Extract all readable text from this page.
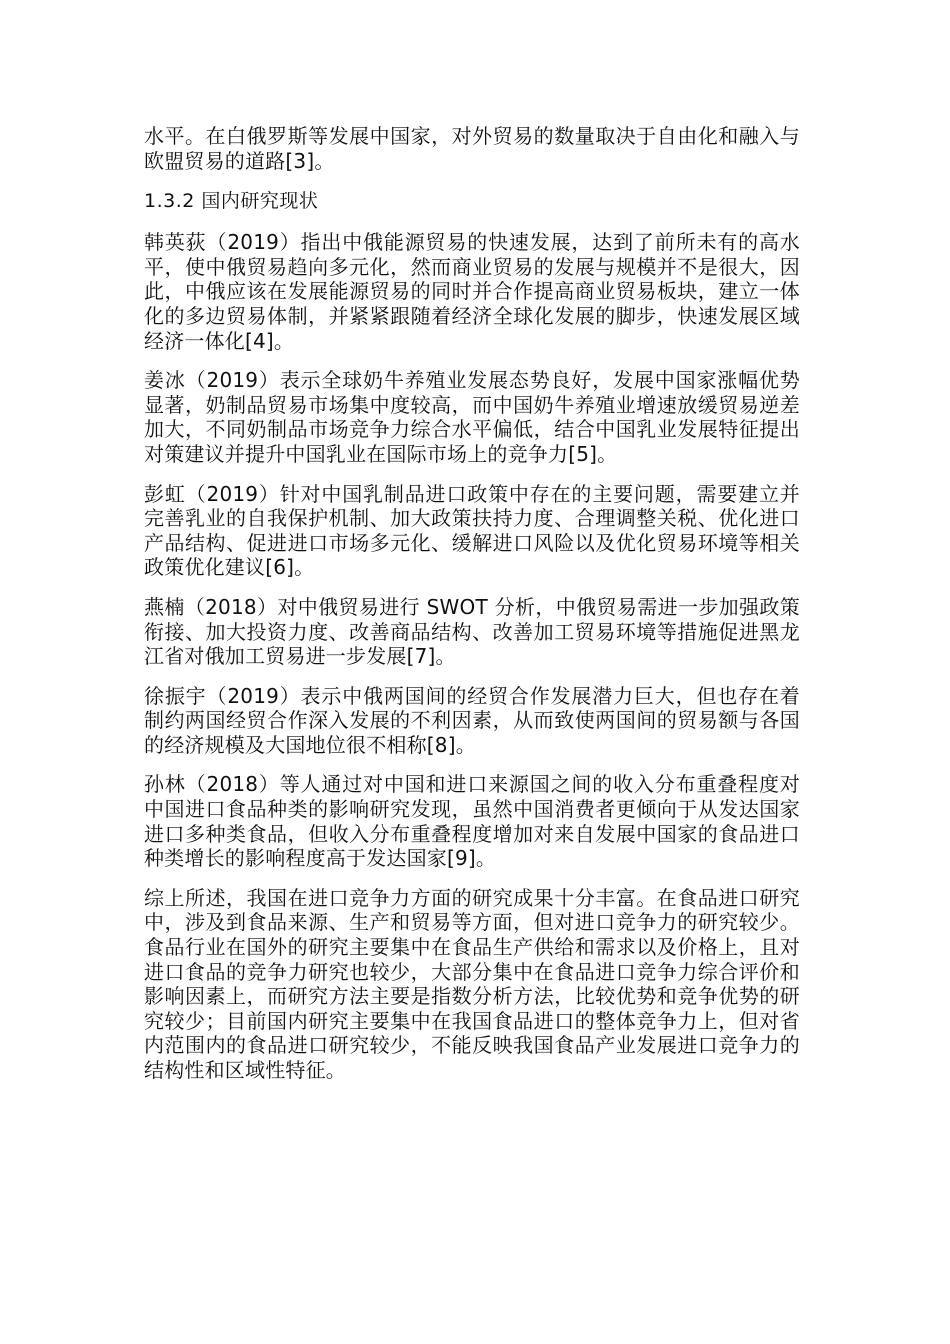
水平。在白俄罗斯等发展中国家，对外贸易的数量取决于自由化和融入与欧盟贸易的道路[3]。

1.3.2 国内研究现状

韩英荻（2019）指出中俄能源贸易的快速发展，达到了前所未有的高水平，使中俄贸易趋向多元化，然而商业贸易的发展与规模并不是很大，因此，中俄应该在发展能源贸易的同时并合作提高商业贸易板块，建立一体化的多边贸易体制，并紧紧跟随着经济全球化发展的脚步，快速发展区域经济一体化[4]。

姜冰（2019）表示全球奶牛养殖业发展态势良好，发展中国家涨幅优势显著，奶制品贸易市场集中度较高，而中国奶牛养殖业增速放缓贸易逆差加大，不同奶制品市场竞争力综合水平偏低，结合中国乳业发展特征提出对策建议并提升中国乳业在国际市场上的竞争力[5]。

彭虹（2019）针对中国乳制品进口政策中存在的主要问题，需要建立并完善乳业的自我保护机制、加大政策扶持力度、合理调整关税、优化进口产品结构、促进进口市场多元化、缓解进口风险以及优化贸易环境等相关政策优化建议[6]。

燕楠（2018）对中俄贸易进行 SWOT 分析，中俄贸易需进一步加强政策衔接、加大投资力度、改善商品结构、改善加工贸易环境等措施促进黑龙江省对俄加工贸易进一步发展[7]。

徐振宇（2019）表示中俄两国间的经贸合作发展潜力巨大，但也存在着制约两国经贸合作深入发展的不利因素，从而致使两国间的贸易额与各国的经济规模及大国地位很不相称[8]。

孙林（2018）等人通过对中国和进口来源国之间的收入分布重叠程度对中国进口食品种类的影响研究发现，虽然中国消费者更倾向于从发达国家进口多种类食品，但收入分布重叠程度增加对来自发展中国家的食品进口种类增长的影响程度高于发达国家[9]。

综上所述，我国在进口竞争力方面的研究成果十分丰富。在食品进口研究中，涉及到食品来源、生产和贸易等方面，但对进口竞争力的研究较少。食品行业在国外的研究主要集中在食品生产供给和需求以及价格上，且对进口食品的竞争力研究也较少，大部分集中在食品进口竞争力综合评价和影响因素上，而研究方法主要是指数分析方法，比较优势和竞争优势的研究较少；目前国内研究主要集中在我国食品进口的整体竞争力上，但对省内范围内的食品进口研究较少，不能反映我国食品产业发展进口竞争力的结构性和区域性特征。
